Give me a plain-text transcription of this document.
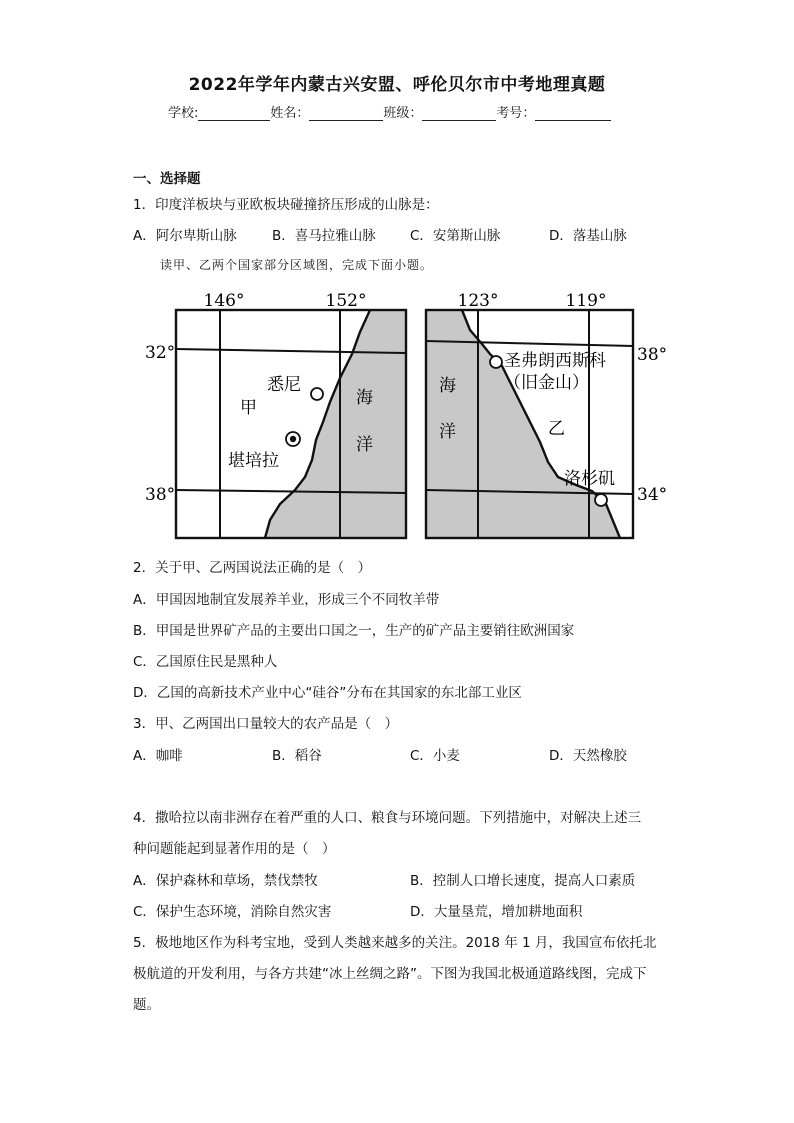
2022年学年内蒙古兴安盟、呼伦贝尔市中考地理真题
学校:	姓名：	班级：	考号：
一、选择题
1．印度洋板块与亚欧板块碰撞挤压形成的山脉是：
A．阿尔卑斯山脉	B．喜马拉雅山脉	C．安第斯山脉	D．落基山脉
读甲、乙两个国家部分区域图，完成下面小题。
146°	152°
32°
38°
甲
悉尼
堪培拉
海
洋
123°	119°
38°
34°
圣弗朗西斯科
（旧金山）
洛杉矶
乙
海
洋
2．关于甲、乙两国说法正确的是（　）
A．甲国因地制宜发展养羊业，形成三个不同牧羊带
B．甲国是世界矿产品的主要出口国之一，生产的矿产品主要销往欧洲国家
C．乙国原住民是黑种人
D．乙国的高新技术产业中心“硅谷”分布在其国家的东北部工业区
3．甲、乙两国出口量较大的农产品是（　）
A．咖啡	B．稻谷	C．小麦	D．天然橡胶
4．撒哈拉以南非洲存在着严重的人口、粮食与环境问题。下列措施中，对解决上述三
种问题能起到显著作用的是（　）
A．保护森林和草场，禁伐禁牧	B．控制人口增长速度，提高人口素质
C．保护生态环境，消除自然灾害	D．大量垦荒，增加耕地面积
5．极地地区作为科考宝地，受到人类越来越多的关注。2018 年 1 月，我国宣布依托北
极航道的开发利用，与各方共建“冰上丝绸之路”。下图为我国北极通道路线图，完成下
题。
